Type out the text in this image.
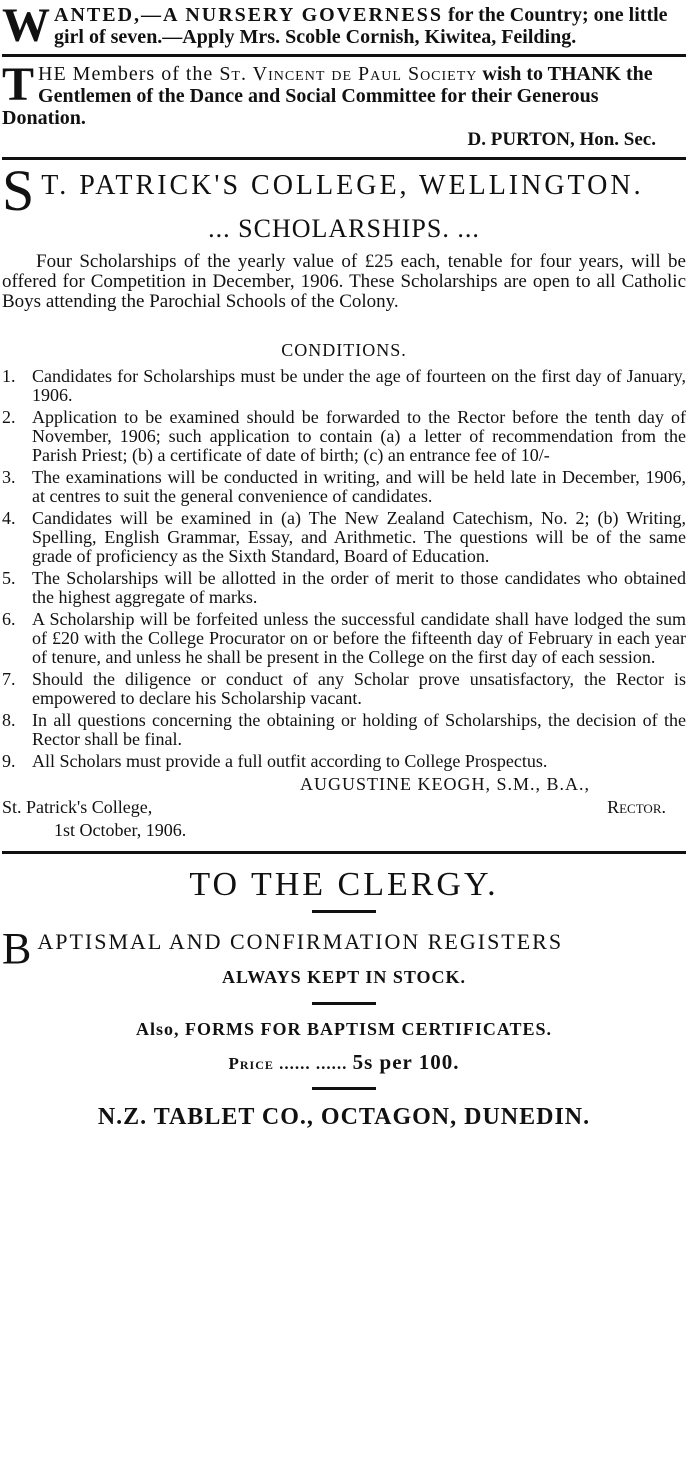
W ANTED,—A NURSERY GOVERNESS for the Country; one little girl of seven.—Apply Mrs. Scoble Cornish, Kiwitea, Feilding.
T HE Members of the St. Vincent de Paul Society wish to THANK the Gentlemen of the Dance and Social Committee for their Generous Donation.
D. PURTON, Hon. Sec.
S T. PATRICK'S COLLEGE, WELLINGTON.
... SCHOLARSHIPS. ...
Four Scholarships of the yearly value of £25 each, tenable for four years, will be offered for Competition in December, 1906. These Scholarships are open to all Catholic Boys attending the Parochial Schools of the Colony.
CONDITIONS.
1. Candidates for Scholarships must be under the age of fourteen on the first day of January, 1906.
2. Application to be examined should be forwarded to the Rector before the tenth day of November, 1906; such application to contain (a) a letter of recommendation from the Parish Priest; (b) a certificate of date of birth; (c) an entrance fee of 10/-
3. The examinations will be conducted in writing, and will be held late in December, 1906, at centres to suit the general convenience of candidates.
4. Candidates will be examined in (a) The New Zealand Catechism, No. 2; (b) Writing, Spelling, English Grammar, Essay, and Arithmetic. The questions will be of the same grade of proficiency as the Sixth Standard, Board of Education.
5. The Scholarships will be allotted in the order of merit to those candidates who obtained the highest aggregate of marks.
6. A Scholarship will be forfeited unless the successful candidate shall have lodged the sum of £20 with the College Procurator on or before the fifteenth day of February in each year of tenure, and unless he shall be present in the College on the first day of each session.
7. Should the diligence or conduct of any Scholar prove unsatisfactory, the Rector is empowered to declare his Scholarship vacant.
8. In all questions concerning the obtaining or holding of Scholarships, the decision of the Rector shall be final.
9. All Scholars must provide a full outfit according to College Prospectus.
AUGUSTINE KEOGH, S.M., B.A.,
St. Patrick's College,	Rector.
1st October, 1906.
TO THE CLERGY.
B APTISMAL AND CONFIRMATION REGISTERS
ALWAYS KEPT IN STOCK.
Also, FORMS FOR BAPTISM CERTIFICATES.
Price ...... ...... 5s per 100.
N.Z. TABLET CO., OCTAGON, DUNEDIN.
